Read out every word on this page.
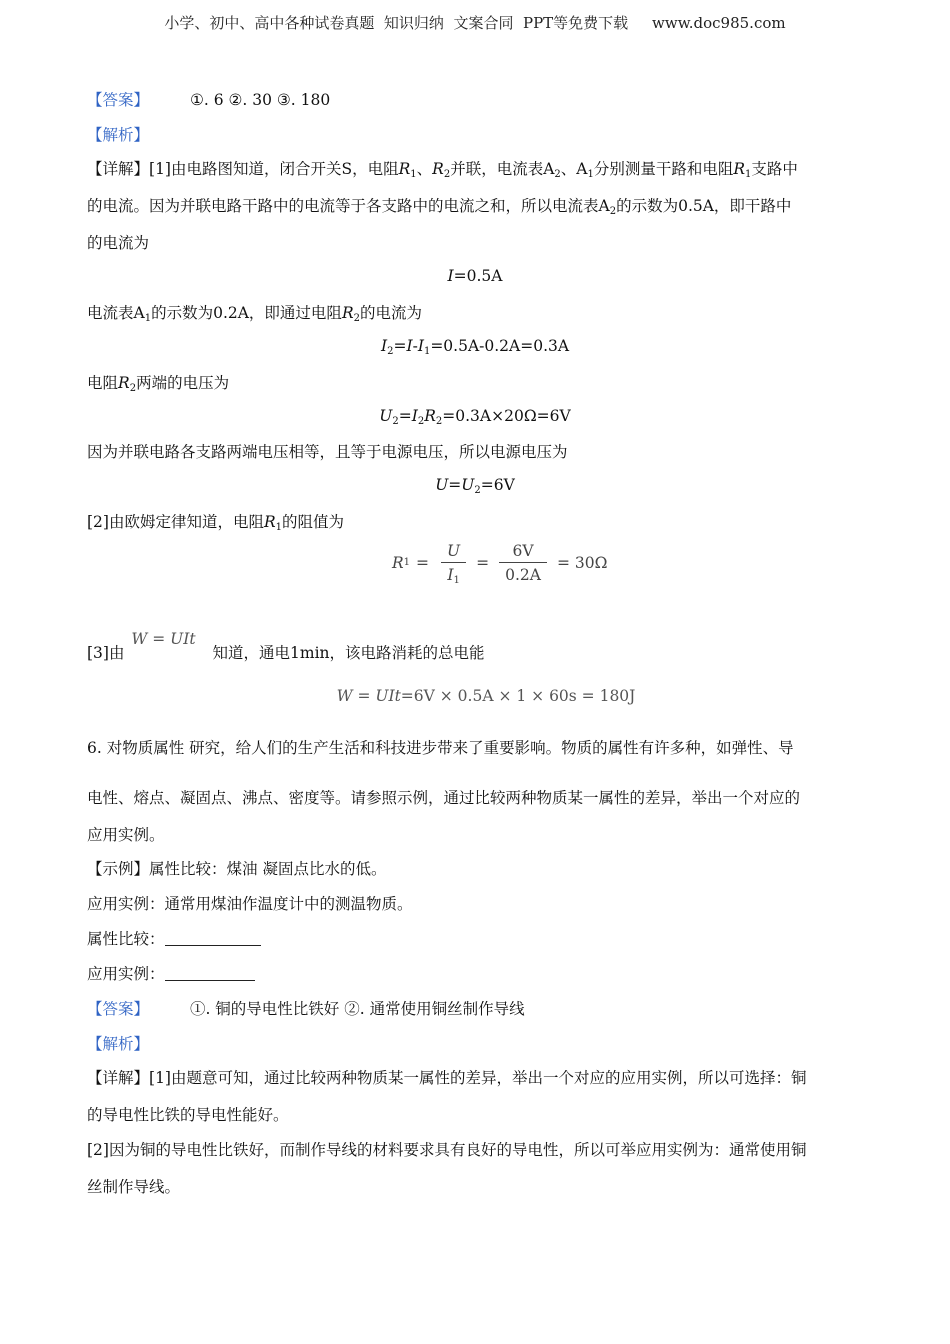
小学、初中、高中各种试卷真题  知识归纳  文案合同  PPT等免费下载     www.doc985.com
【答案】	①. 6 ②. 30 ③. 180
【解析】
【详解】[1]由电路图知道，闭合开关S，电阻$R_1$、$R_2$并联，电流表$A_2$、$A_1$分别测量干路和电阻$R_1$支路中
的电流。因为并联电路干路中的电流等于各支路中的电流之和，所以电流表$A_2$的示数为0.5A，即干路中
的电流为
I=0.5A
电流表$A_1$的示数为0.2A，即通过电阻$R_2$的电流为
$I_2=I-I_1=0.5A-0.2A=0.3A$
电阻$R_2$两端的电压为
$U_2=I_2R_2=0.3A\times 20\Omega=6V$
因为并联电路各支路两端电压相等，且等于电源电压，所以电源电压为
$U=U_2=6V$
[2]由欧姆定律知道，电阻$R_1$的阻值为
R $1 = \frac{U}{I_1} = \frac{6V}{0.2A} = 30\Omega$
[3]由 W = UIt 知道，通电1min，该电路消耗的总电能
W = UIt=6V × 0.5A × 1 × 60s = 180J
6. 对物质属性 研究，给人们的生产生活和科技进步带来了重要影响。物质的属性有许多种，如弹性、导
电性、熔点、凝固点、沸点、密度等。请参照示例，通过比较两种物质某一属性的差异，举出一个对应的
应用实例。
【示例】属性比较：煤油 凝固点比水的低。
应用实例：通常用煤油作温度计中的测温物质。
属性比较：
应用实例：
【答案】	①. 铜的导电性比铁好 ②. 通常使用铜丝制作导线
【解析】
【详解】[1]由题意可知，通过比较两种物质某一属性的差异，举出一个对应的应用实例，所以可选择：铜
的导电性比铁的导电性能好。
[2]因为铜的导电性比铁好，而制作导线的材料要求具有良好的导电性，所以可举应用实例为：通常使用铜
丝制作导线。
